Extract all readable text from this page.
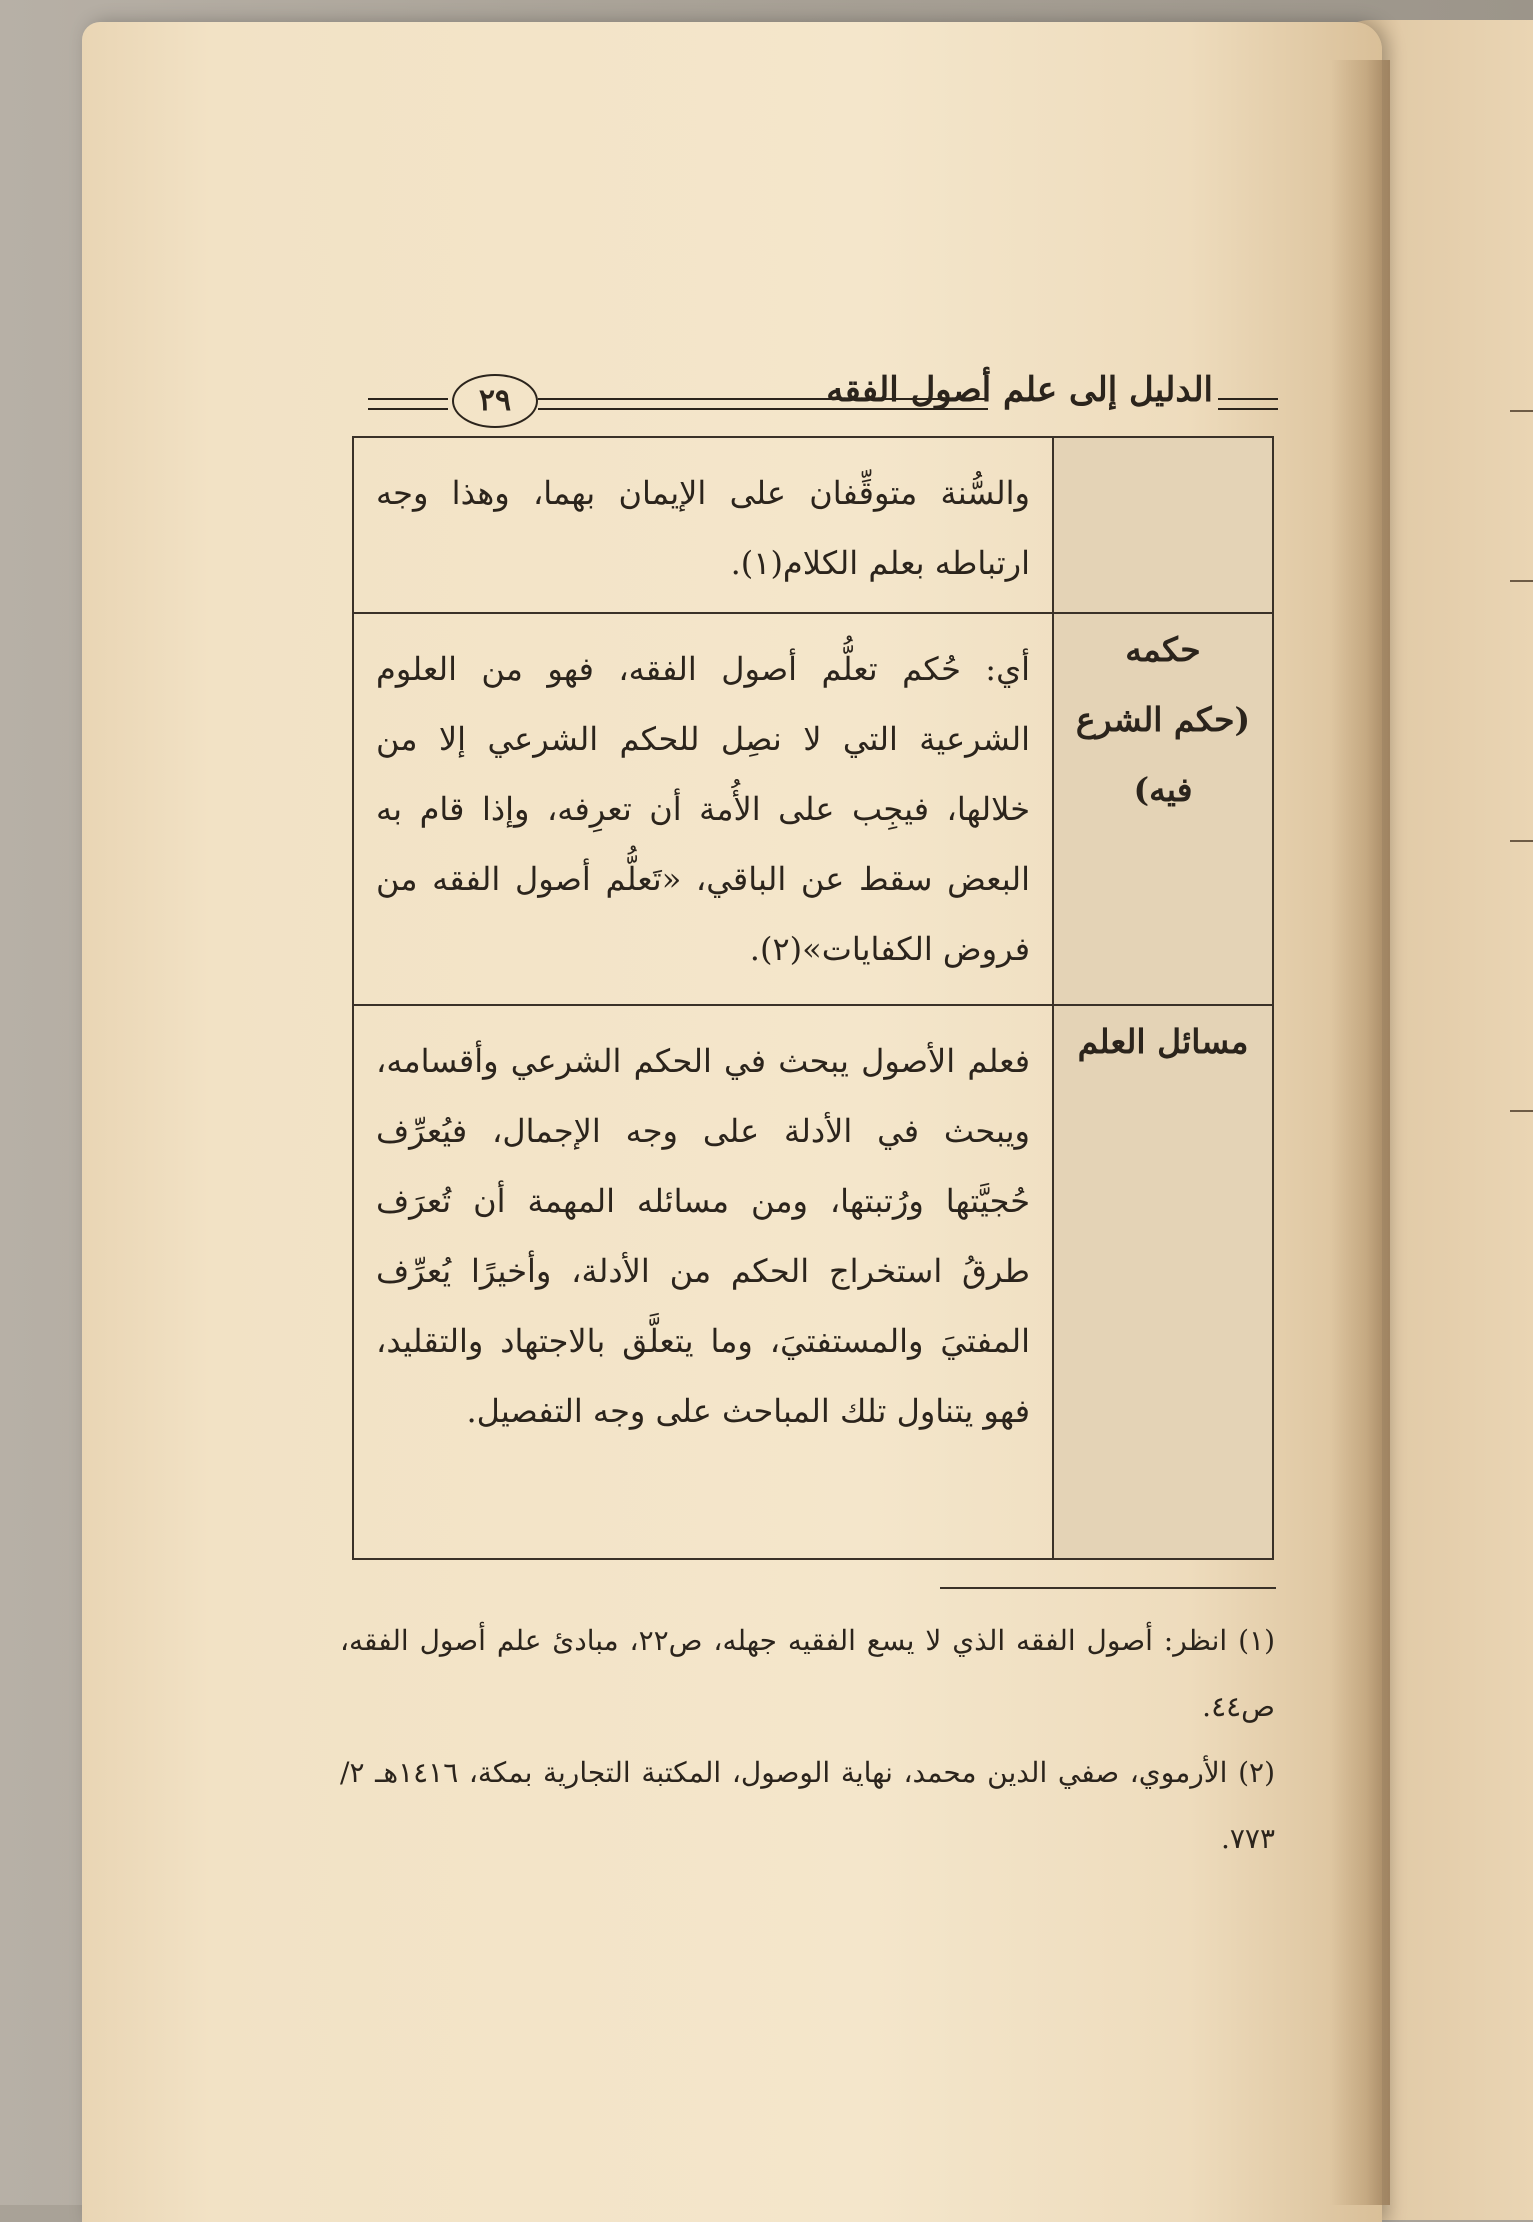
الدليل إلى علم أصول الفقه
٢٩
	والسُّنة متوقِّفان على الإيمان بهما، وهذا وجه ارتباطه بعلم الكلام(١).

حكمه
(حكم الشرع
فيه)	أي: حُكم تعلُّم أصول الفقه، فهو من العلوم الشرعية التي لا نصِل للحكم الشرعي إلا من خلالها، فيجِب على الأُمة أن تعرِفه، وإذا قام به البعض سقط عن الباقي، «تَعلُّم أصول الفقه من فروض الكفايات»(٢).

مسائل العلم	فعلم الأصول يبحث في الحكم الشرعي وأقسامه، ويبحث في الأدلة على وجه الإجمال، فيُعرِّف حُجيَّتها ورُتبتها، ومن مسائله المهمة أن تُعرَف طرقُ استخراج الحكم من الأدلة، وأخيرًا يُعرِّف المفتيَ والمستفتيَ، وما يتعلَّق بالاجتهاد والتقليد، فهو يتناول تلك المباحث على وجه التفصيل.
(١) انظر: أصول الفقه الذي لا يسع الفقيه جهله، ص٢٢، مبادئ علم أصول الفقه، ص٤٤.
(٢) الأرموي، صفي الدين محمد، نهاية الوصول، المكتبة التجارية بمكة، ١٤١٦هـ ٢/ ٧٧٣.
